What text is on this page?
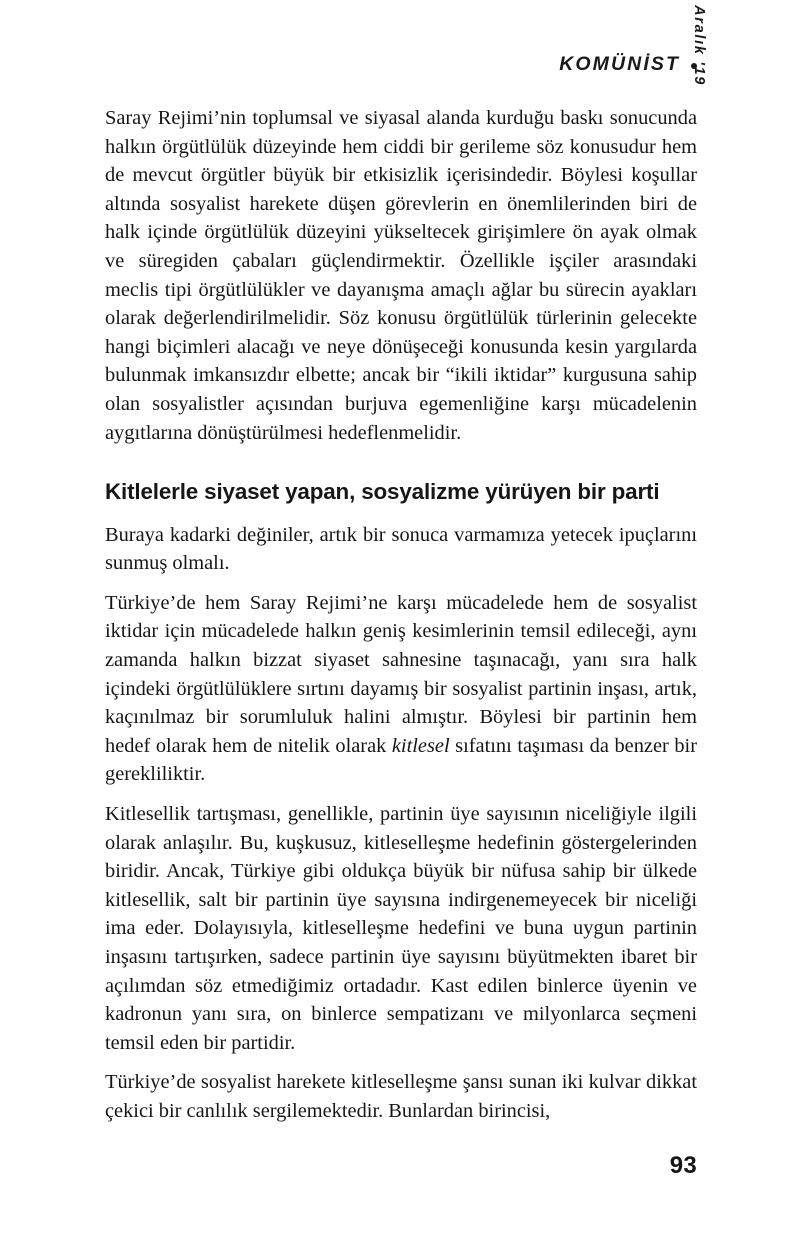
KOMÜNİST Aralık '19

Saray Rejimi’nin toplumsal ve siyasal alanda kurduğu baskı sonucunda halkın örgütlülük düzeyinde hem ciddi bir gerileme söz konusudur hem de mevcut örgütler büyük bir etkisizlik içerisindedir. Böylesi koşullar altında sosyalist harekete düşen görevlerin en önemlilerinden biri de halk içinde örgütlülük düzeyini yükseltecek girişimlere ön ayak olmak ve süregiden çabaları güçlendirmektir. Özellikle işçiler arasındaki meclis tipi örgütlülükler ve dayanışma amaçlı ağlar bu sürecin ayakları olarak değerlendirilmelidir. Söz konusu örgütlülük türlerinin gelecekte hangi biçimleri alacağı ve neye dönüşeceği konusunda kesin yargılarda bulunmak imkansızdır elbette; ancak bir “ikili iktidar” kurgusuna sahip olan sosyalistler açısından burjuva egemenliğine karşı mücadelenin aygıtlarına dönüştürülmesi hedeflenmelidir.

Kitlelerle siyaset yapan, sosyalizme yürüyen bir parti

Buraya kadarki değiniler, artık bir sonuca varmamıza yetecek ipuçlarını sunmuş olmalı.

Türkiye’de hem Saray Rejimi’ne karşı mücadelede hem de sosyalist iktidar için mücadelede halkın geniş kesimlerinin temsil edileceği, aynı zamanda halkın bizzat siyaset sahnesine taşınacağı, yanı sıra halk içindeki örgütlülüklere sırtını dayamış bir sosyalist partinin inşası, artık, kaçınılmaz bir sorumluluk halini almıştır. Böylesi bir partinin hem hedef olarak hem de nitelik olarak kitlesel sıfatını taşıması da benzer bir gerekliliktir.

Kitlesellik tartışması, genellikle, partinin üye sayısının niceliğiyle ilgili olarak anlaşılır. Bu, kuşkusuz, kitleselleşme hedefinin göstergelerinden biridir. Ancak, Türkiye gibi oldukça büyük bir nüfusa sahip bir ülkede kitlesellik, salt bir partinin üye sayısına indirgenemeyecek bir niceliği ima eder. Dolayısıyla, kitleselleşme hedefini ve buna uygun partinin inşasını tartışırken, sadece partinin üye sayısını büyütmekten ibaret bir açılımdan söz etmediğimiz ortadadır. Kast edilen binlerce üyenin ve kadronun yanı sıra, on binlerce sempatizanı ve milyonlarca seçmeni temsil eden bir partidir.

Türkiye’de sosyalist harekete kitleselleşme şansı sunan iki kulvar dikkat çekici bir canlılık sergilemektedir. Bunlardan birincisi,

93
